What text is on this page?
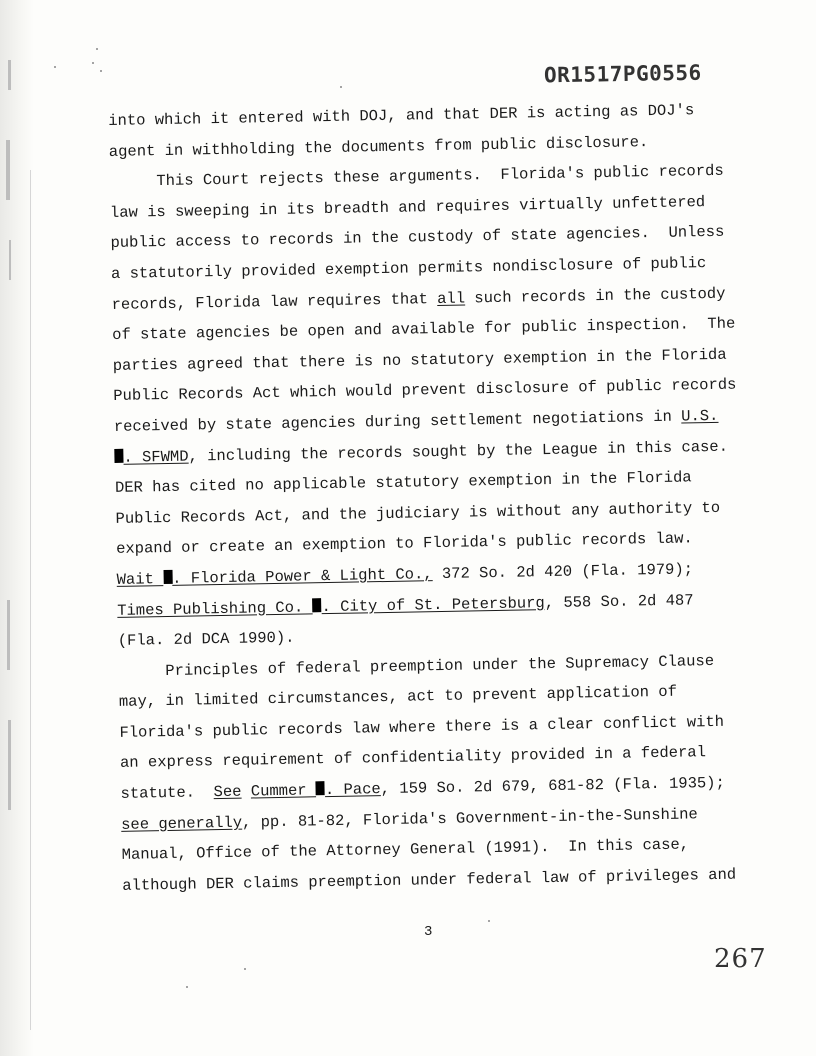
OR1517PG0556
into which it entered with DOJ, and that DER is acting as DOJ's
agent in withholding the documents from public disclosure.
This Court rejects these arguments.  Florida's public records
law is sweeping in its breadth and requires virtually unfettered
public access to records in the custody of state agencies.  Unless
a statutorily provided exemption permits nondisclosure of public
records, Florida law requires that all such records in the custody
of state agencies be open and available for public inspection.  The
parties agreed that there is no statutory exemption in the Florida
Public Records Act which would prevent disclosure of public records
received by state agencies during settlement negotiations in U.S.
. SFWMD, including the records sought by the League in this case.
DER has cited no applicable statutory exemption in the Florida
Public Records Act, and the judiciary is without any authority to
expand or create an exemption to Florida's public records law.
Wait . Florida Power & Light Co., 372 So. 2d 420 (Fla. 1979);
Times Publishing Co. . City of St. Petersburg, 558 So. 2d 487
(Fla. 2d DCA 1990).
Principles of federal preemption under the Supremacy Clause
may, in limited circumstances, act to prevent application of
Florida's public records law where there is a clear conflict with
an express requirement of confidentiality provided in a federal
statute.  See Cummer . Pace, 159 So. 2d 679, 681-82 (Fla. 1935);
see generally, pp. 81-82, Florida's Government-in-the-Sunshine
Manual, Office of the Attorney General (1991).  In this case,
although DER claims preemption under federal law of privileges and
3
267
